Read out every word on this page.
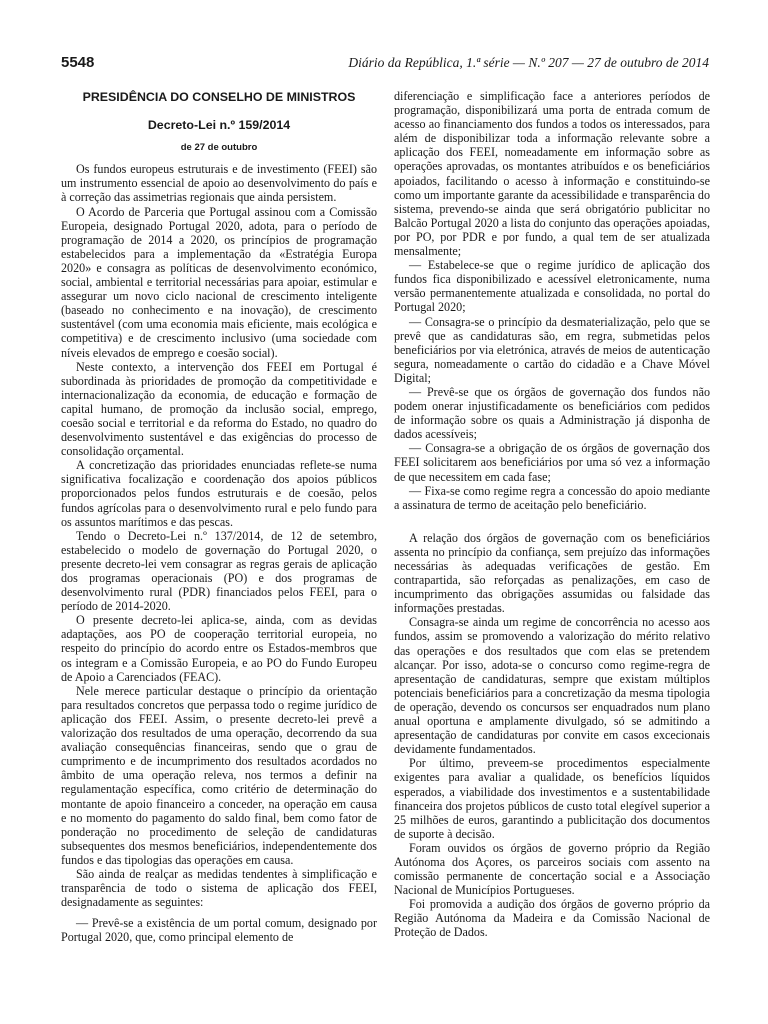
5548	Diário da República, 1.ª série — N.º 207 — 27 de outubro de 2014
PRESIDÊNCIA DO CONSELHO DE MINISTROS
Decreto-Lei n.º 159/2014
de 27 de outubro

Os fundos europeus estruturais e de investimento (FEEI) são um instrumento essencial de apoio ao desenvolvimento do país e à correção das assimetrias regionais que ainda persistem.

O Acordo de Parceria que Portugal assinou com a Comissão Europeia, designado Portugal 2020, adota, para o período de programação de 2014 a 2020, os princípios de programação estabelecidos para a implementação da «Estratégia Europa 2020» e consagra as políticas de desenvolvimento económico, social, ambiental e territorial necessárias para apoiar, estimular e assegurar um novo ciclo nacional de crescimento inteligente (baseado no conhecimento e na inovação), de crescimento sustentável (com uma economia mais eficiente, mais ecológica e competitiva) e de crescimento inclusivo (uma sociedade com níveis elevados de emprego e coesão social).

Neste contexto, a intervenção dos FEEI em Portugal é subordinada às prioridades de promoção da competitividade e internacionalização da economia, de educação e formação de capital humano, de promoção da inclusão social, emprego, coesão social e territorial e da reforma do Estado, no quadro do desenvolvimento sustentável e das exigências do processo de consolidação orçamental.

A concretização das prioridades enunciadas reflete-se numa significativa focalização e coordenação dos apoios públicos proporcionados pelos fundos estruturais e de coesão, pelos fundos agrícolas para o desenvolvimento rural e pelo fundo para os assuntos marítimos e das pescas.

Tendo o Decreto-Lei n.º 137/2014, de 12 de setembro, estabelecido o modelo de governação do Portugal 2020, o presente decreto-lei vem consagrar as regras gerais de aplicação dos programas operacionais (PO) e dos programas de desenvolvimento rural (PDR) financiados pelos FEEI, para o período de 2014-2020.

O presente decreto-lei aplica-se, ainda, com as devidas adaptações, aos PO de cooperação territorial europeia, no respeito do princípio do acordo entre os Estados-membros que os integram e a Comissão Europeia, e ao PO do Fundo Europeu de Apoio a Carenciados (FEAC).

Nele merece particular destaque o princípio da orientação para resultados concretos que perpassa todo o regime jurídico de aplicação dos FEEI. Assim, o presente decreto-lei prevê a valorização dos resultados de uma operação, decorrendo da sua avaliação consequências financeiras, sendo que o grau de cumprimento e de incumprimento dos resultados acordados no âmbito de uma operação releva, nos termos a definir na regulamentação específica, como critério de determinação do montante de apoio financeiro a conceder, na operação em causa e no momento do pagamento do saldo final, bem como fator de ponderação no procedimento de seleção de candidaturas subsequentes dos mesmos beneficiários, independentemente dos fundos e das tipologias das operações em causa.

São ainda de realçar as medidas tendentes à simplificação e transparência de todo o sistema de aplicação dos FEEI, designadamente as seguintes:

— Prevê-se a existência de um portal comum, designado por Portugal 2020, que, como principal elemento de

diferenciação e simplificação face a anteriores períodos de programação, disponibilizará uma porta de entrada comum de acesso ao financiamento dos fundos a todos os interessados, para além de disponibilizar toda a informação relevante sobre a aplicação dos FEEI, nomeadamente em informação sobre as operações aprovadas, os montantes atribuídos e os beneficiários apoiados, facilitando o acesso à informação e constituindo-se como um importante garante da acessibilidade e transparência do sistema, prevendo-se ainda que será obrigatório publicitar no Balcão Portugal 2020 a lista do conjunto das operações apoiadas, por PO, por PDR e por fundo, a qual tem de ser atualizada mensalmente;

— Estabelece-se que o regime jurídico de aplicação dos fundos fica disponibilizado e acessível eletronicamente, numa versão permanentemente atualizada e consolidada, no portal do Portugal 2020;

— Consagra-se o princípio da desmaterialização, pelo que se prevê que as candidaturas são, em regra, submetidas pelos beneficiários por via eletrónica, através de meios de autenticação segura, nomeadamente o cartão do cidadão e a Chave Móvel Digital;

— Prevê-se que os órgãos de governação dos fundos não podem onerar injustificadamente os beneficiários com pedidos de informação sobre os quais a Administração já disponha de dados acessíveis;

— Consagra-se a obrigação de os órgãos de governação dos FEEI solicitarem aos beneficiários por uma só vez a informação de que necessitem em cada fase;

— Fixa-se como regime regra a concessão do apoio mediante a assinatura de termo de aceitação pelo beneficiário.

A relação dos órgãos de governação com os beneficiários assenta no princípio da confiança, sem prejuízo das informações necessárias às adequadas verificações de gestão. Em contrapartida, são reforçadas as penalizações, em caso de incumprimento das obrigações assumidas ou falsidade das informações prestadas.

Consagra-se ainda um regime de concorrência no acesso aos fundos, assim se promovendo a valorização do mérito relativo das operações e dos resultados que com elas se pretendem alcançar. Por isso, adota-se o concurso como regime-regra de apresentação de candidaturas, sempre que existam múltiplos potenciais beneficiários para a concretização da mesma tipologia de operação, devendo os concursos ser enquadrados num plano anual oportuna e amplamente divulgado, só se admitindo a apresentação de candidaturas por convite em casos excecionais devidamente fundamentados.

Por último, preveem-se procedimentos especialmente exigentes para avaliar a qualidade, os benefícios líquidos esperados, a viabilidade dos investimentos e a sustentabilidade financeira dos projetos públicos de custo total elegível superior a 25 milhões de euros, garantindo a publicitação dos documentos de suporte à decisão.

Foram ouvidos os órgãos de governo próprio da Região Autónoma dos Açores, os parceiros sociais com assento na comissão permanente de concertação social e a Associação Nacional de Municípios Portugueses.

Foi promovida a audição dos órgãos de governo próprio da Região Autónoma da Madeira e da Comissão Nacional de Proteção de Dados.
